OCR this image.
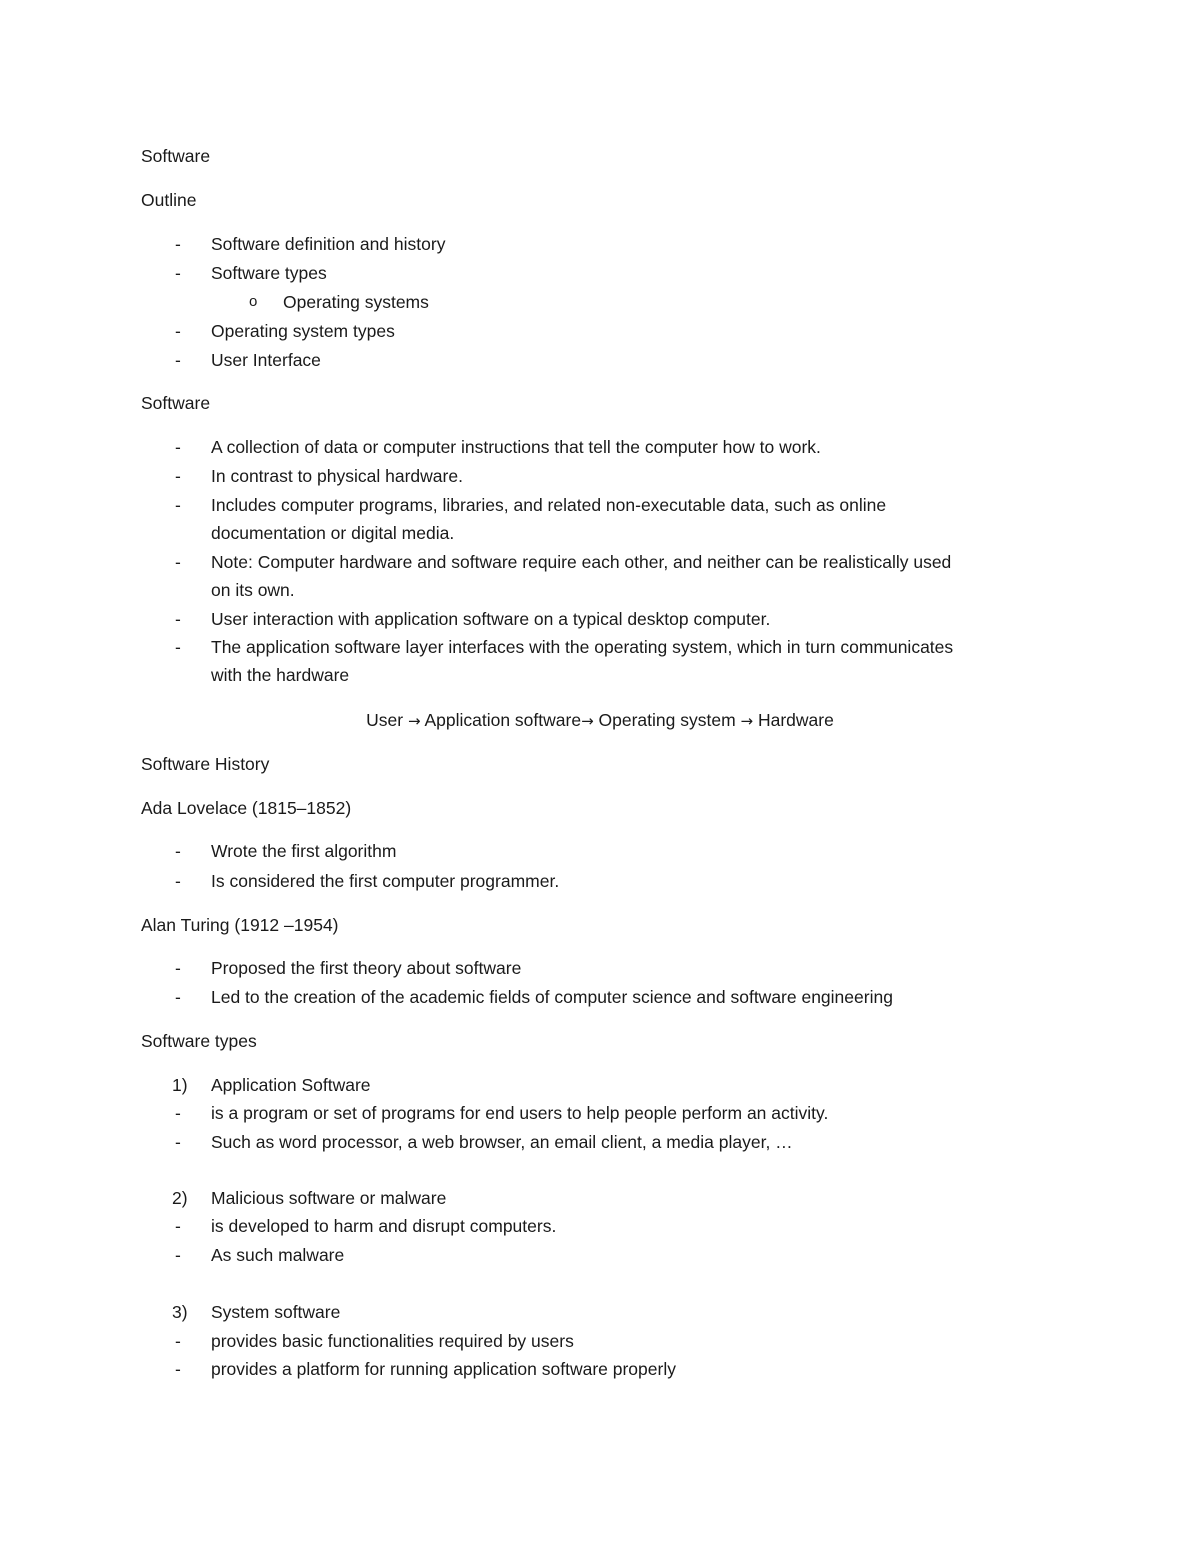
Software
Outline
- Software definition and history
- Software types
o Operating systems
- Operating system types
- User Interface
Software
- A collection of data or computer instructions that tell the computer how to work.
- In contrast to physical hardware.
- Includes computer programs, libraries, and related non-executable data, such as online
documentation or digital media.
- Note: Computer hardware and software require each other, and neither can be realistically used
on its own.
- User interaction with application software on a typical desktop computer.
- The application software layer interfaces with the operating system, which in turn communicates
with the hardware
User → Application software→ Operating system → Hardware
Software History
Ada Lovelace (1815–1852)
- Wrote the first algorithm
- Is considered the first computer programmer.
Alan Turing (1912 –1954)
- Proposed the first theory about software
- Led to the creation of the academic fields of computer science and software engineering
Software types
1) Application Software
- is a program or set of programs for end users to help people perform an activity.
- Such as word processor, a web browser, an email client, a media player, …
2) Malicious software or malware
- is developed to harm and disrupt computers.
- As such malware
3) System software
- provides basic functionalities required by users
- provides a platform for running application software properly
